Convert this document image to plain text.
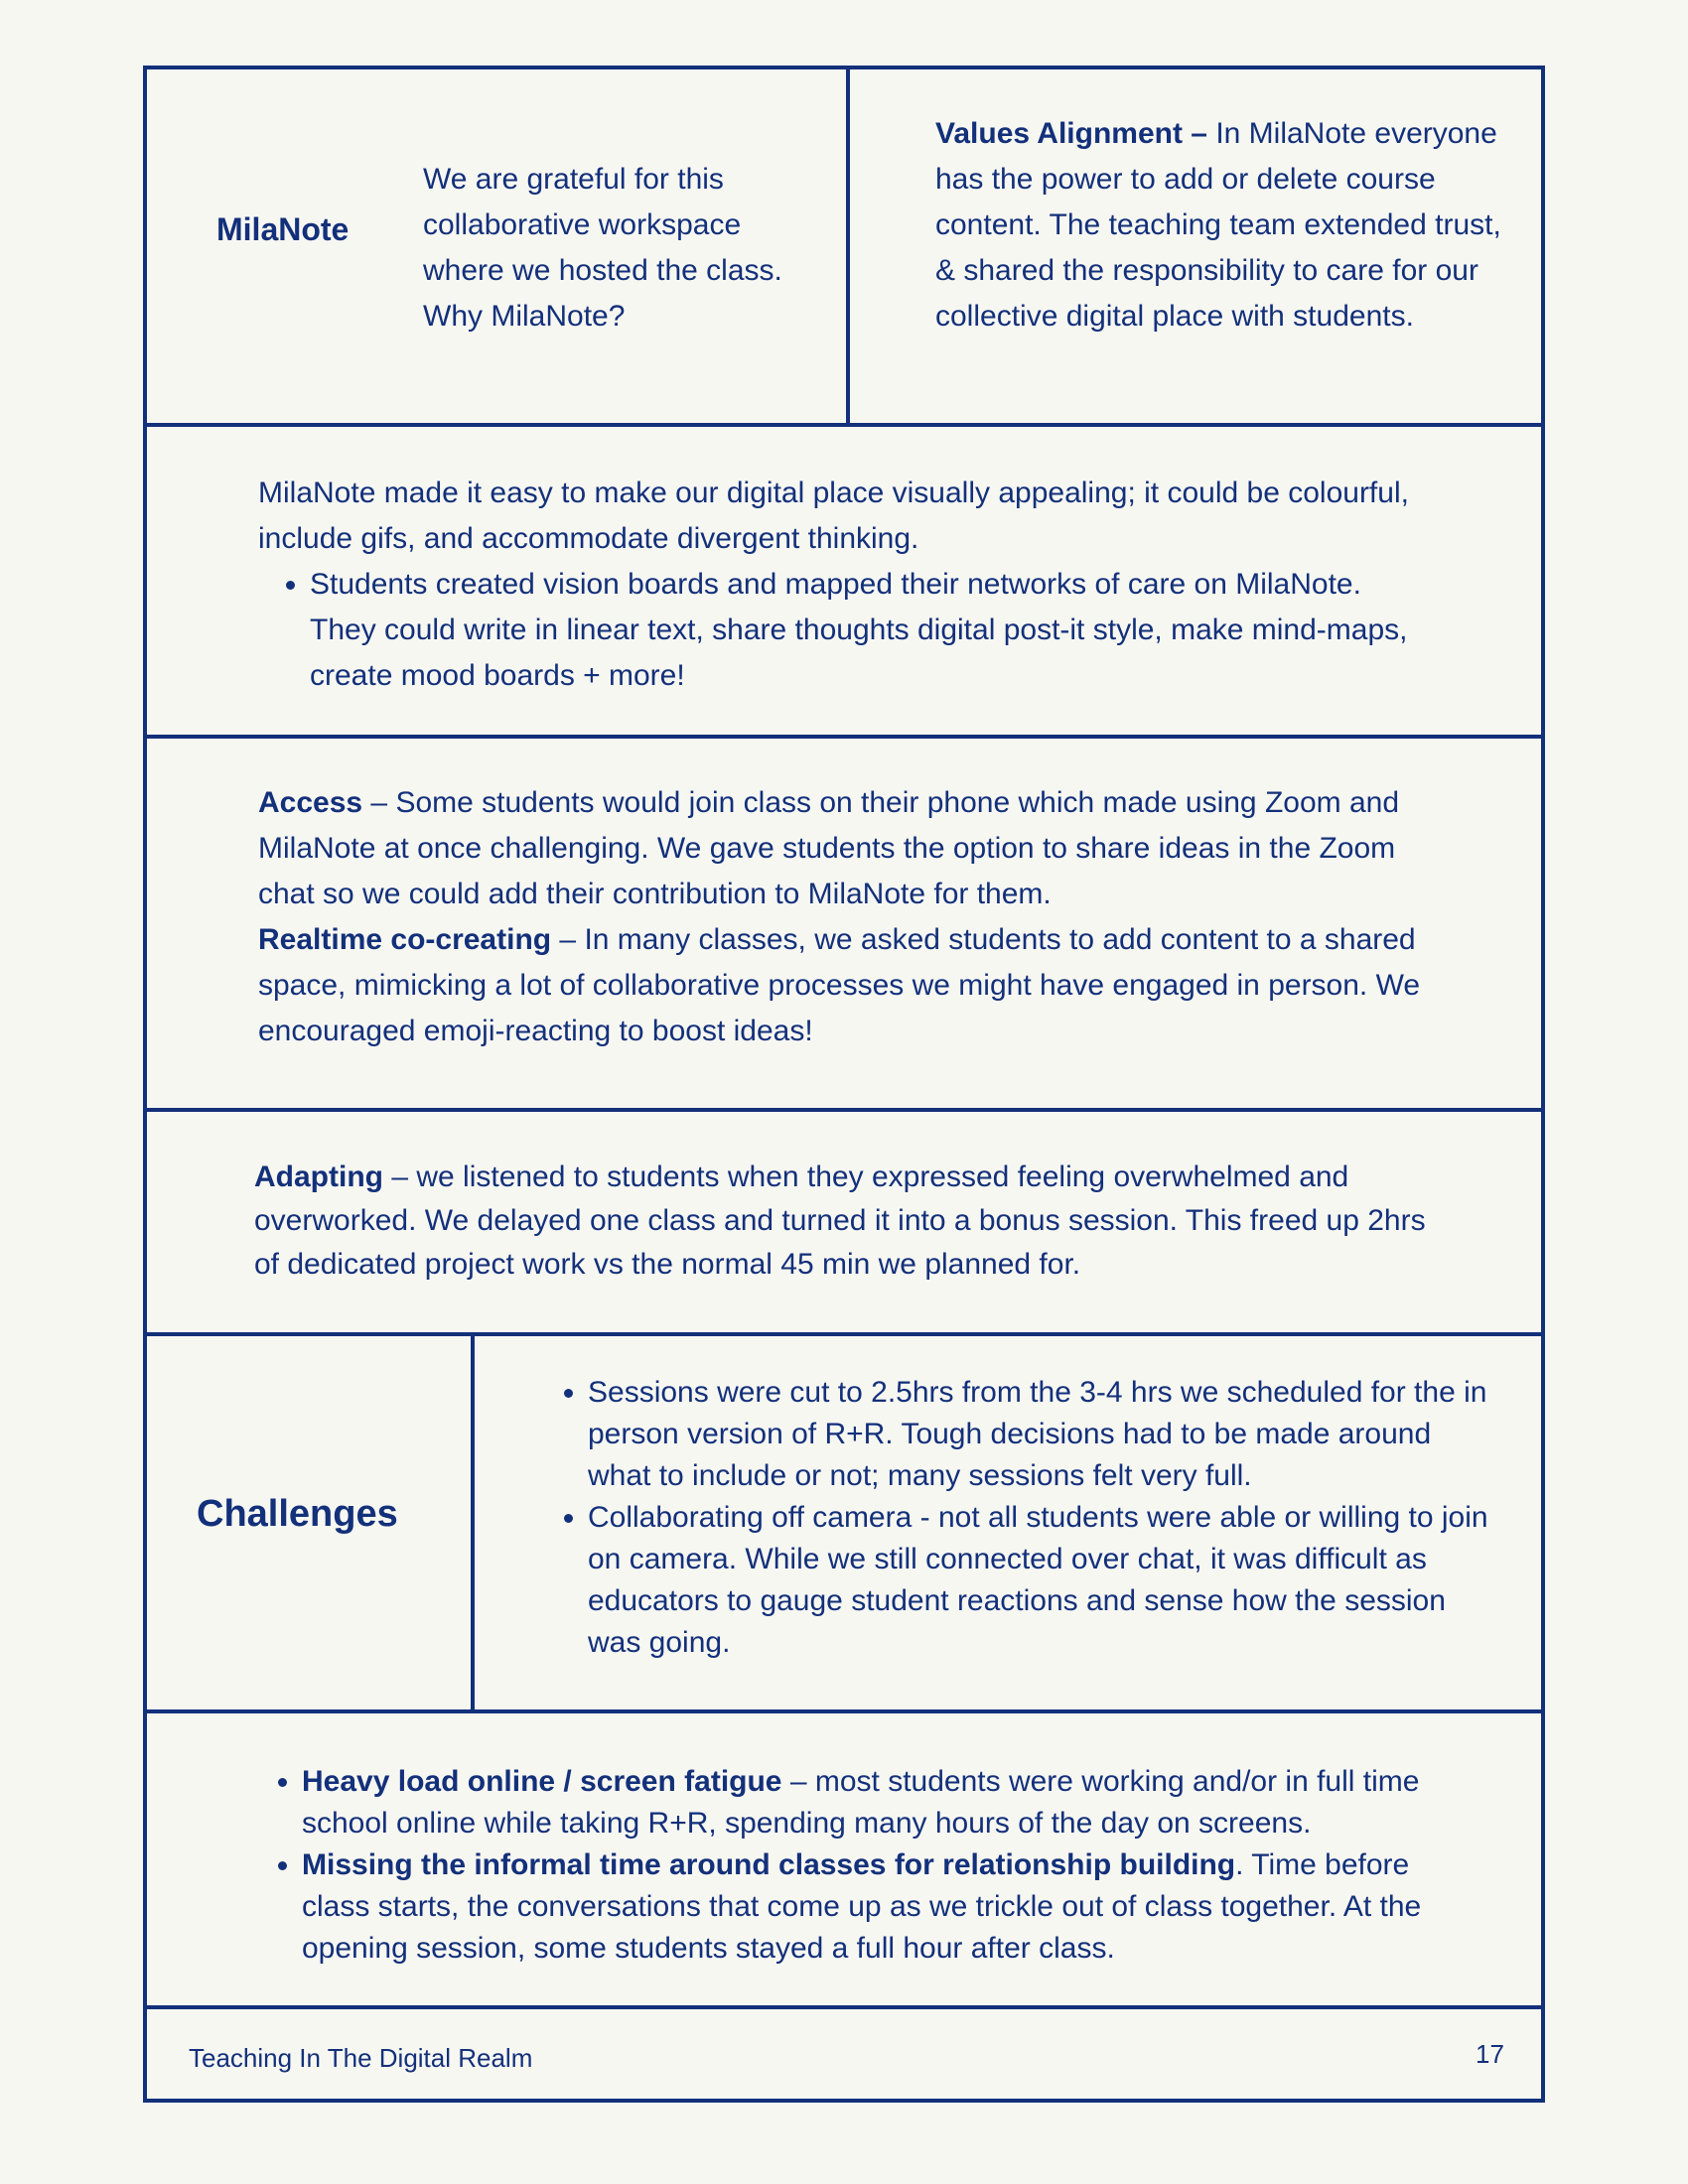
MilaNote
We are grateful for this collaborative workspace where we hosted the class. Why MilaNote?
Values Alignment – In MilaNote everyone has the power to add or delete course content. The teaching team extended trust, & shared the responsibility to care for our collective digital place with students.
MilaNote made it easy to make our digital place visually appealing; it could be colourful, include gifs, and accommodate divergent thinking.
• Students created vision boards and mapped their networks of care on MilaNote. They could write in linear text, share thoughts digital post-it style, make mind-maps, create mood boards + more!
Access – Some students would join class on their phone which made using Zoom and MilaNote at once challenging. We gave students the option to share ideas in the Zoom chat so we could add their contribution to MilaNote for them.
Realtime co-creating – In many classes, we asked students to add content to a shared space, mimicking a lot of collaborative processes we might have engaged in person. We encouraged emoji-reacting to boost ideas!
Adapting – we listened to students when they expressed feeling overwhelmed and overworked. We delayed one class and turned it into a bonus session. This freed up 2hrs of dedicated project work vs the normal 45 min we planned for.
Challenges
• Sessions were cut to 2.5hrs from the 3-4 hrs we scheduled for the in person version of R+R. Tough decisions had to be made around what to include or not; many sessions felt very full.
• Collaborating off camera - not all students were able or willing to join on camera. While we still connected over chat, it was difficult as educators to gauge student reactions and sense how the session was going.
• Heavy load online / screen fatigue – most students were working and/or in full time school online while taking R+R, spending many hours of the day on screens.
• Missing the informal time around classes for relationship building. Time before class starts, the conversations that come up as we trickle out of class together. At the opening session, some students stayed a full hour after class.
Teaching In The Digital Realm	17
